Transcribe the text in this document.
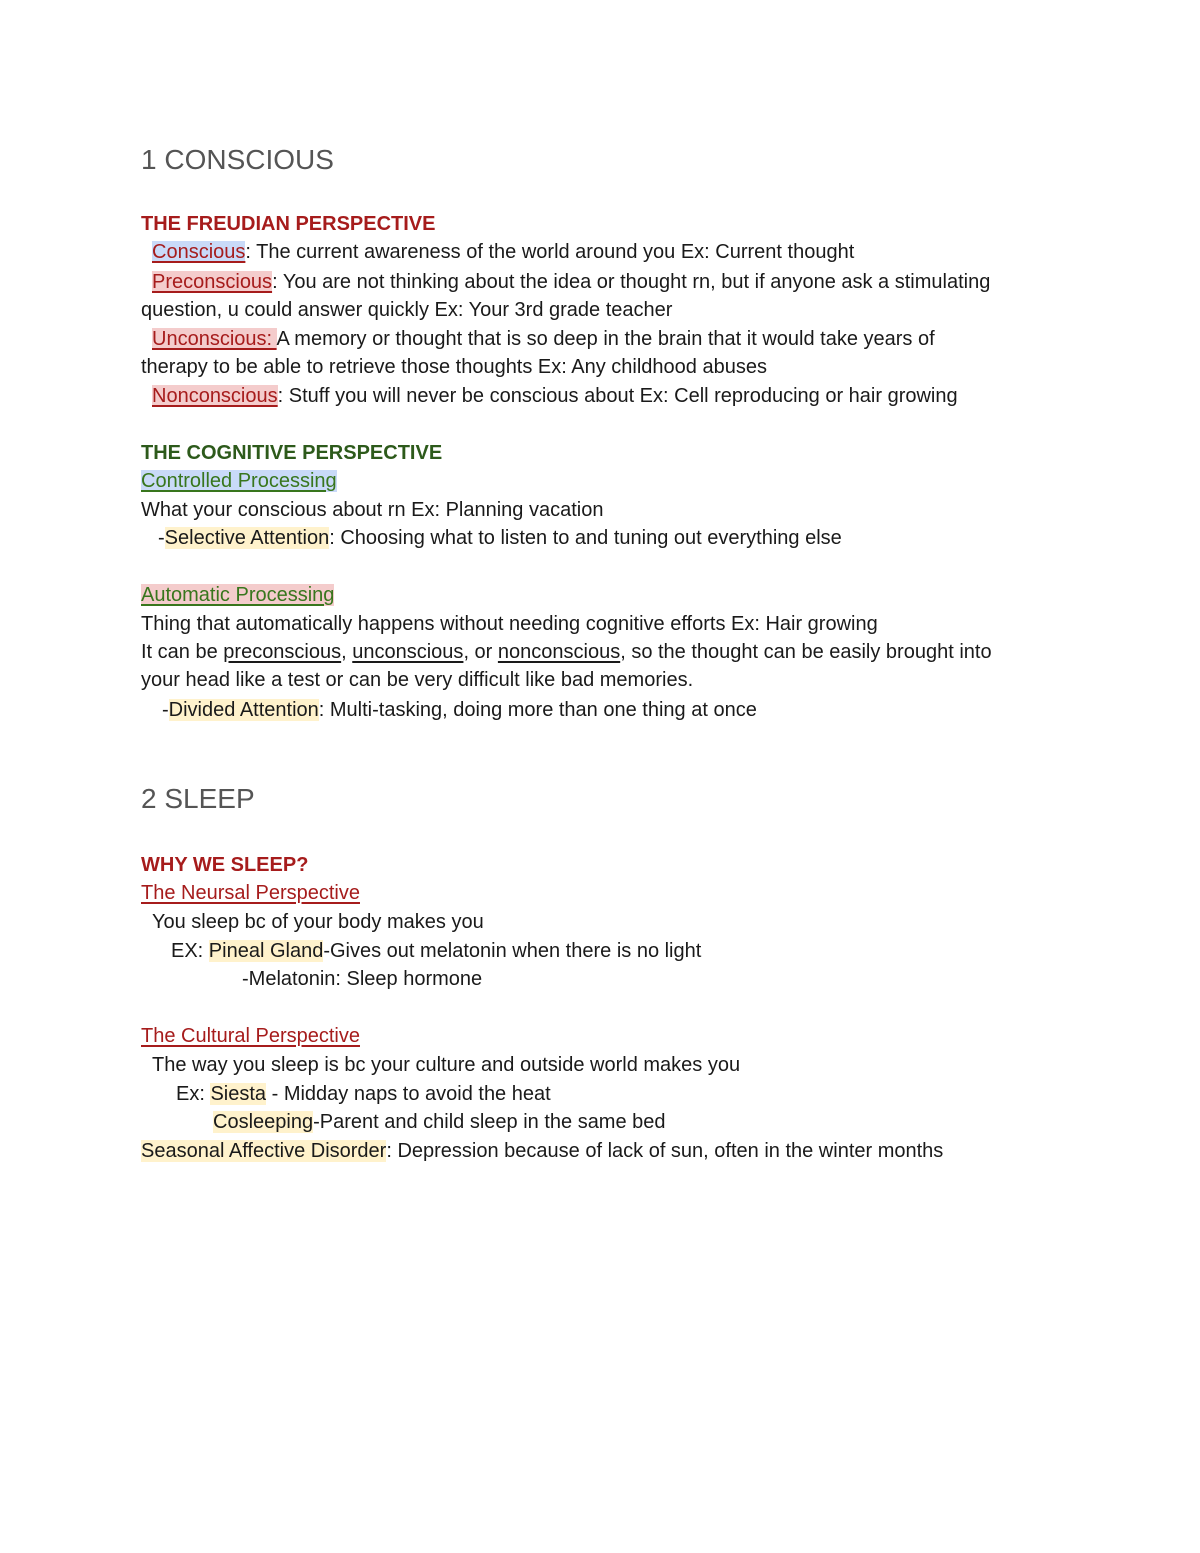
1 CONSCIOUS
THE FREUDIAN PERSPECTIVE
Conscious: The current awareness of the world around you Ex: Current thought
Preconscious: You are not thinking about the idea or thought rn, but if anyone ask a stimulating
question, u could answer quickly Ex: Your 3rd grade teacher
Unconscious: A memory or thought that is so deep in the brain that it would take years of
therapy to be able to retrieve those thoughts Ex: Any childhood abuses
Nonconscious: Stuff you will never be conscious about Ex: Cell reproducing or hair growing
THE COGNITIVE PERSPECTIVE
Controlled Processing
What your conscious about rn Ex: Planning vacation
-Selective Attention: Choosing what to listen to and tuning out everything else
Automatic Processing
Thing that automatically happens without needing cognitive efforts Ex: Hair growing
It can be preconscious, unconscious, or nonconscious, so the thought can be easily brought into
your head like a test or can be very difficult like bad memories.
-Divided Attention: Multi-tasking, doing more than one thing at once
2 SLEEP
WHY WE SLEEP?
The Neursal Perspective
You sleep bc of your body makes you
EX: Pineal Gland-Gives out melatonin when there is no light
-Melatonin: Sleep hormone
The Cultural Perspective
The way you sleep is bc your culture and outside world makes you
Ex: Siesta - Midday naps to avoid the heat
Cosleeping-Parent and child sleep in the same bed
Seasonal Affective Disorder: Depression because of lack of sun, often in the winter months
